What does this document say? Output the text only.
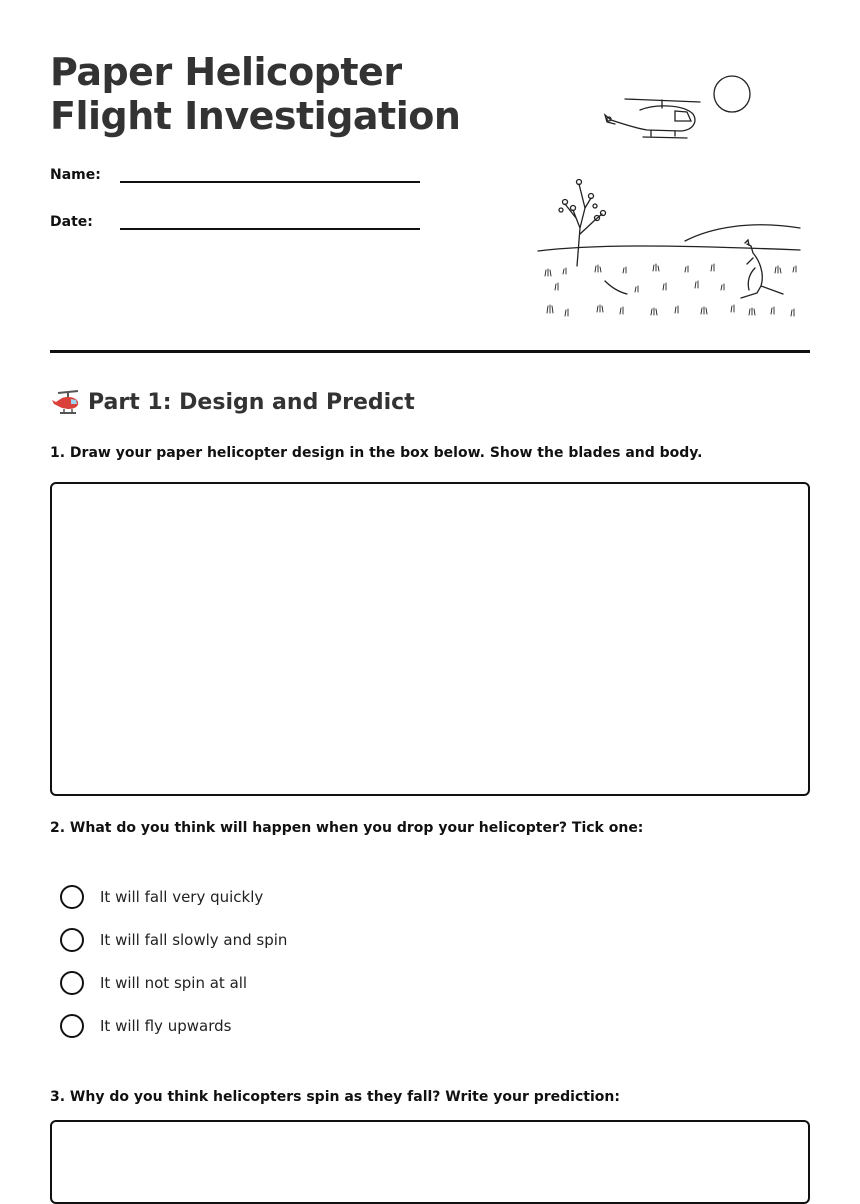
Paper Helicopter Flight Investigation
Name:
Date:
Part 1: Design and Predict
1. Draw your paper helicopter design in the box below. Show the blades and body.
2. What do you think will happen when you drop your helicopter? Tick one:
It will fall very quickly
It will fall slowly and spin
It will not spin at all
It will fly upwards
3. Why do you think helicopters spin as they fall? Write your prediction:
